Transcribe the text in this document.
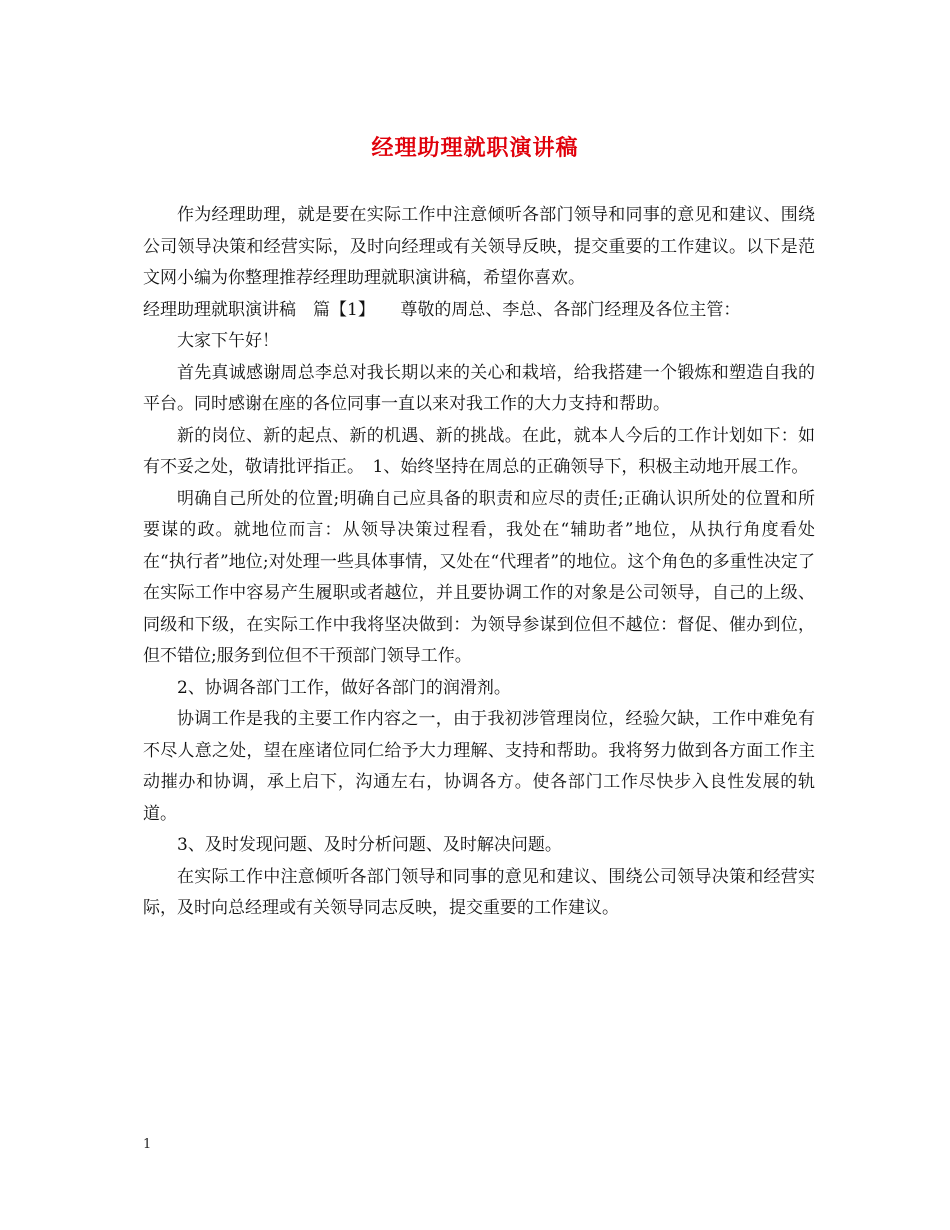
经理助理就职演讲稿

作为经理助理，就是要在实际工作中注意倾听各部门领导和同事的意见和建议、围绕公司领导决策和经营实际，及时向经理或有关领导反映，提交重要的工作建议。以下是范文网小编为你整理推荐经理助理就职演讲稿，希望你喜欢。

经理助理就职演讲稿　篇【1】　　尊敬的周总、李总、各部门经理及各位主管：

大家下午好！

首先真诚感谢周总李总对我长期以来的关心和栽培，给我搭建一个锻炼和塑造自我的平台。同时感谢在座的各位同事一直以来对我工作的大力支持和帮助。

新的岗位、新的起点、新的机遇、新的挑战。在此，就本人今后的工作计划如下：如有不妥之处，敬请批评指正。　1、始终坚持在周总的正确领导下，积极主动地开展工作。

明确自己所处的位置;明确自己应具备的职责和应尽的责任;正确认识所处的位置和所要谋的政。就地位而言：从领导决策过程看，我处在“辅助者”地位，从执行角度看处在“执行者”地位;对处理一些具体事情，又处在“代理者”的地位。这个角色的多重性决定了在实际工作中容易产生履职或者越位，并且要协调工作的对象是公司领导，自己的上级、同级和下级，在实际工作中我将坚决做到：为领导参谋到位但不越位：督促、催办到位，但不错位;服务到位但不干预部门领导工作。

2、协调各部门工作，做好各部门的润滑剂。

协调工作是我的主要工作内容之一，由于我初涉管理岗位，经验欠缺，工作中难免有不尽人意之处，望在座诸位同仁给予大力理解、支持和帮助。我将努力做到各方面工作主动摧办和协调，承上启下，沟通左右，协调各方。使各部门工作尽快步入良性发展的轨道。

3、及时发现问题、及时分析问题、及时解决问题。

在实际工作中注意倾听各部门领导和同事的意见和建议、围绕公司领导决策和经营实际，及时向总经理或有关领导同志反映，提交重要的工作建议。

1
